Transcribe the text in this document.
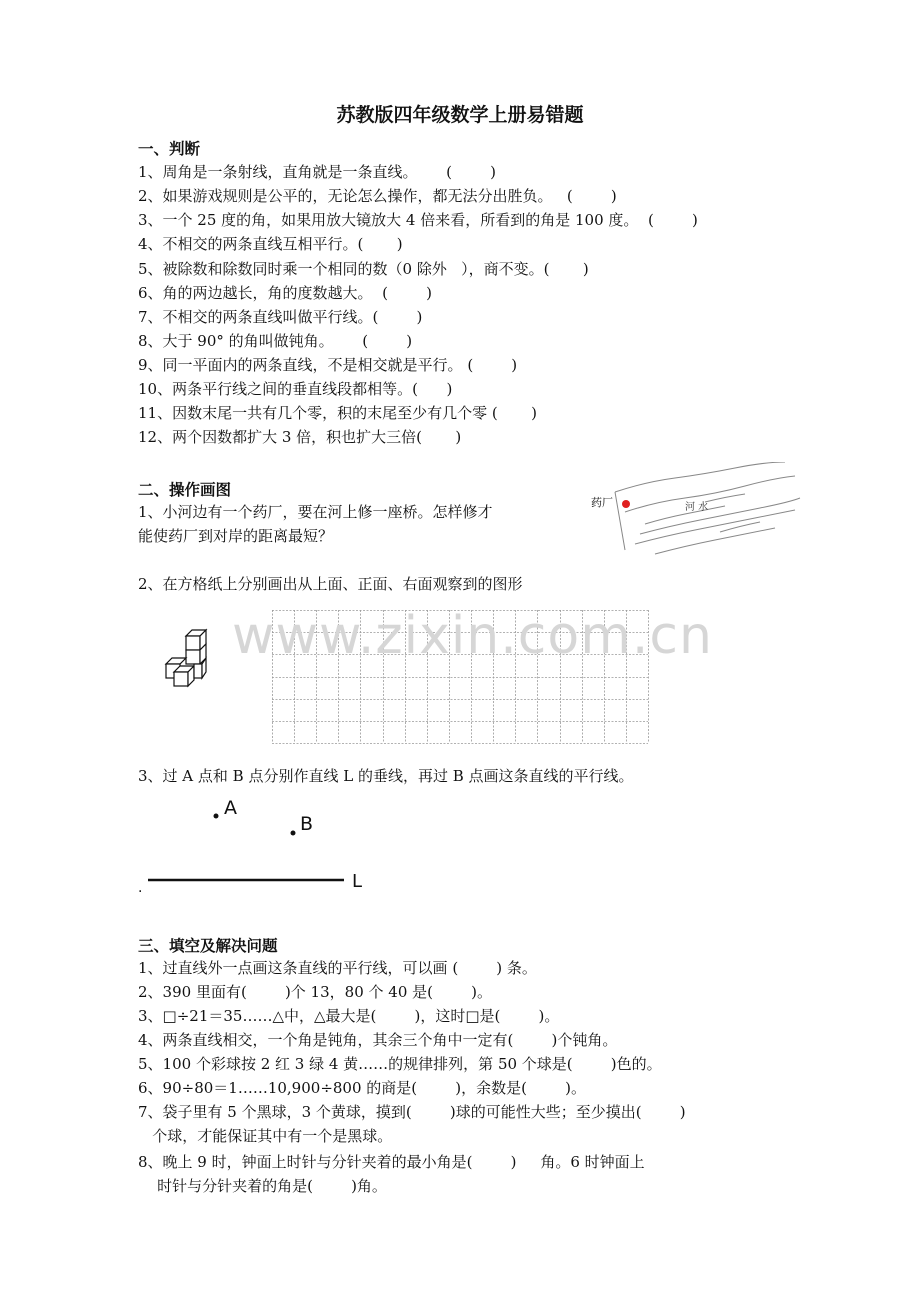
苏教版四年级数学上册易错题
一、判断
1、周角是一条射线，直角就是一条直线。      (        )
2、如果游戏规则是公平的，无论怎么操作，都无法分出胜负。   (        )
3、一个 25 度的角，如果用放大镜放大 4 倍来看，所看到的角是 100 度。  (        )
4、不相交的两条直线互相平行。(       )
5、被除数和除数同时乘一个相同的数（0 除外   ），商不变。(       )
6、角的两边越长，角的度数越大。  (        )
7、不相交的两条直线叫做平行线。(        )
8、大于 90° 的角叫做钝角。      (        )
9、同一平面内的两条直线，不是相交就是平行。 (        )
10、两条平行线之间的垂直线段都相等。(      )
11、因数末尾一共有几个零，积的末尾至少有几个零 (       )
12、两个因数都扩大 3 倍，积也扩大三倍(       )
二、操作画图
1、小河边有一个药厂，要在河上修一座桥。怎样修才
能使药厂到对岸的距离最短？
药厂	河 水
2、在方格纸上分别画出从上面、正面、右面观察到的图形
www.zixin.com.cn
3、过 A 点和 B 点分别作直线 L 的垂线，再过 B 点画这条直线的平行线。
A
B
L
.
三、填空及解决问题
1、过直线外一点画这条直线的平行线，可以画 (        ) 条。
2、390 里面有(        )个 13，80 个 40 是(        )。
3、□÷21＝35……△中，△最大是(        )，这时□是(        )。
4、两条直线相交，一个角是钝角，其余三个角中一定有(        )个钝角。
5、100 个彩球按 2 红 3 绿 4 黄……的规律排列，第 50 个球是(        )色的。
6、90÷80＝1……10,900÷800 的商是(        )，余数是(        )。
7、袋子里有 5 个黑球，3 个黄球，摸到(        )球的可能性大些；至少摸出(        )
个球，才能保证其中有一个是黑球。
8、晚上 9 时，钟面上时针与分针夹着的最小角是(        )     角。6 时钟面上
时针与分针夹着的角是(        )角。
